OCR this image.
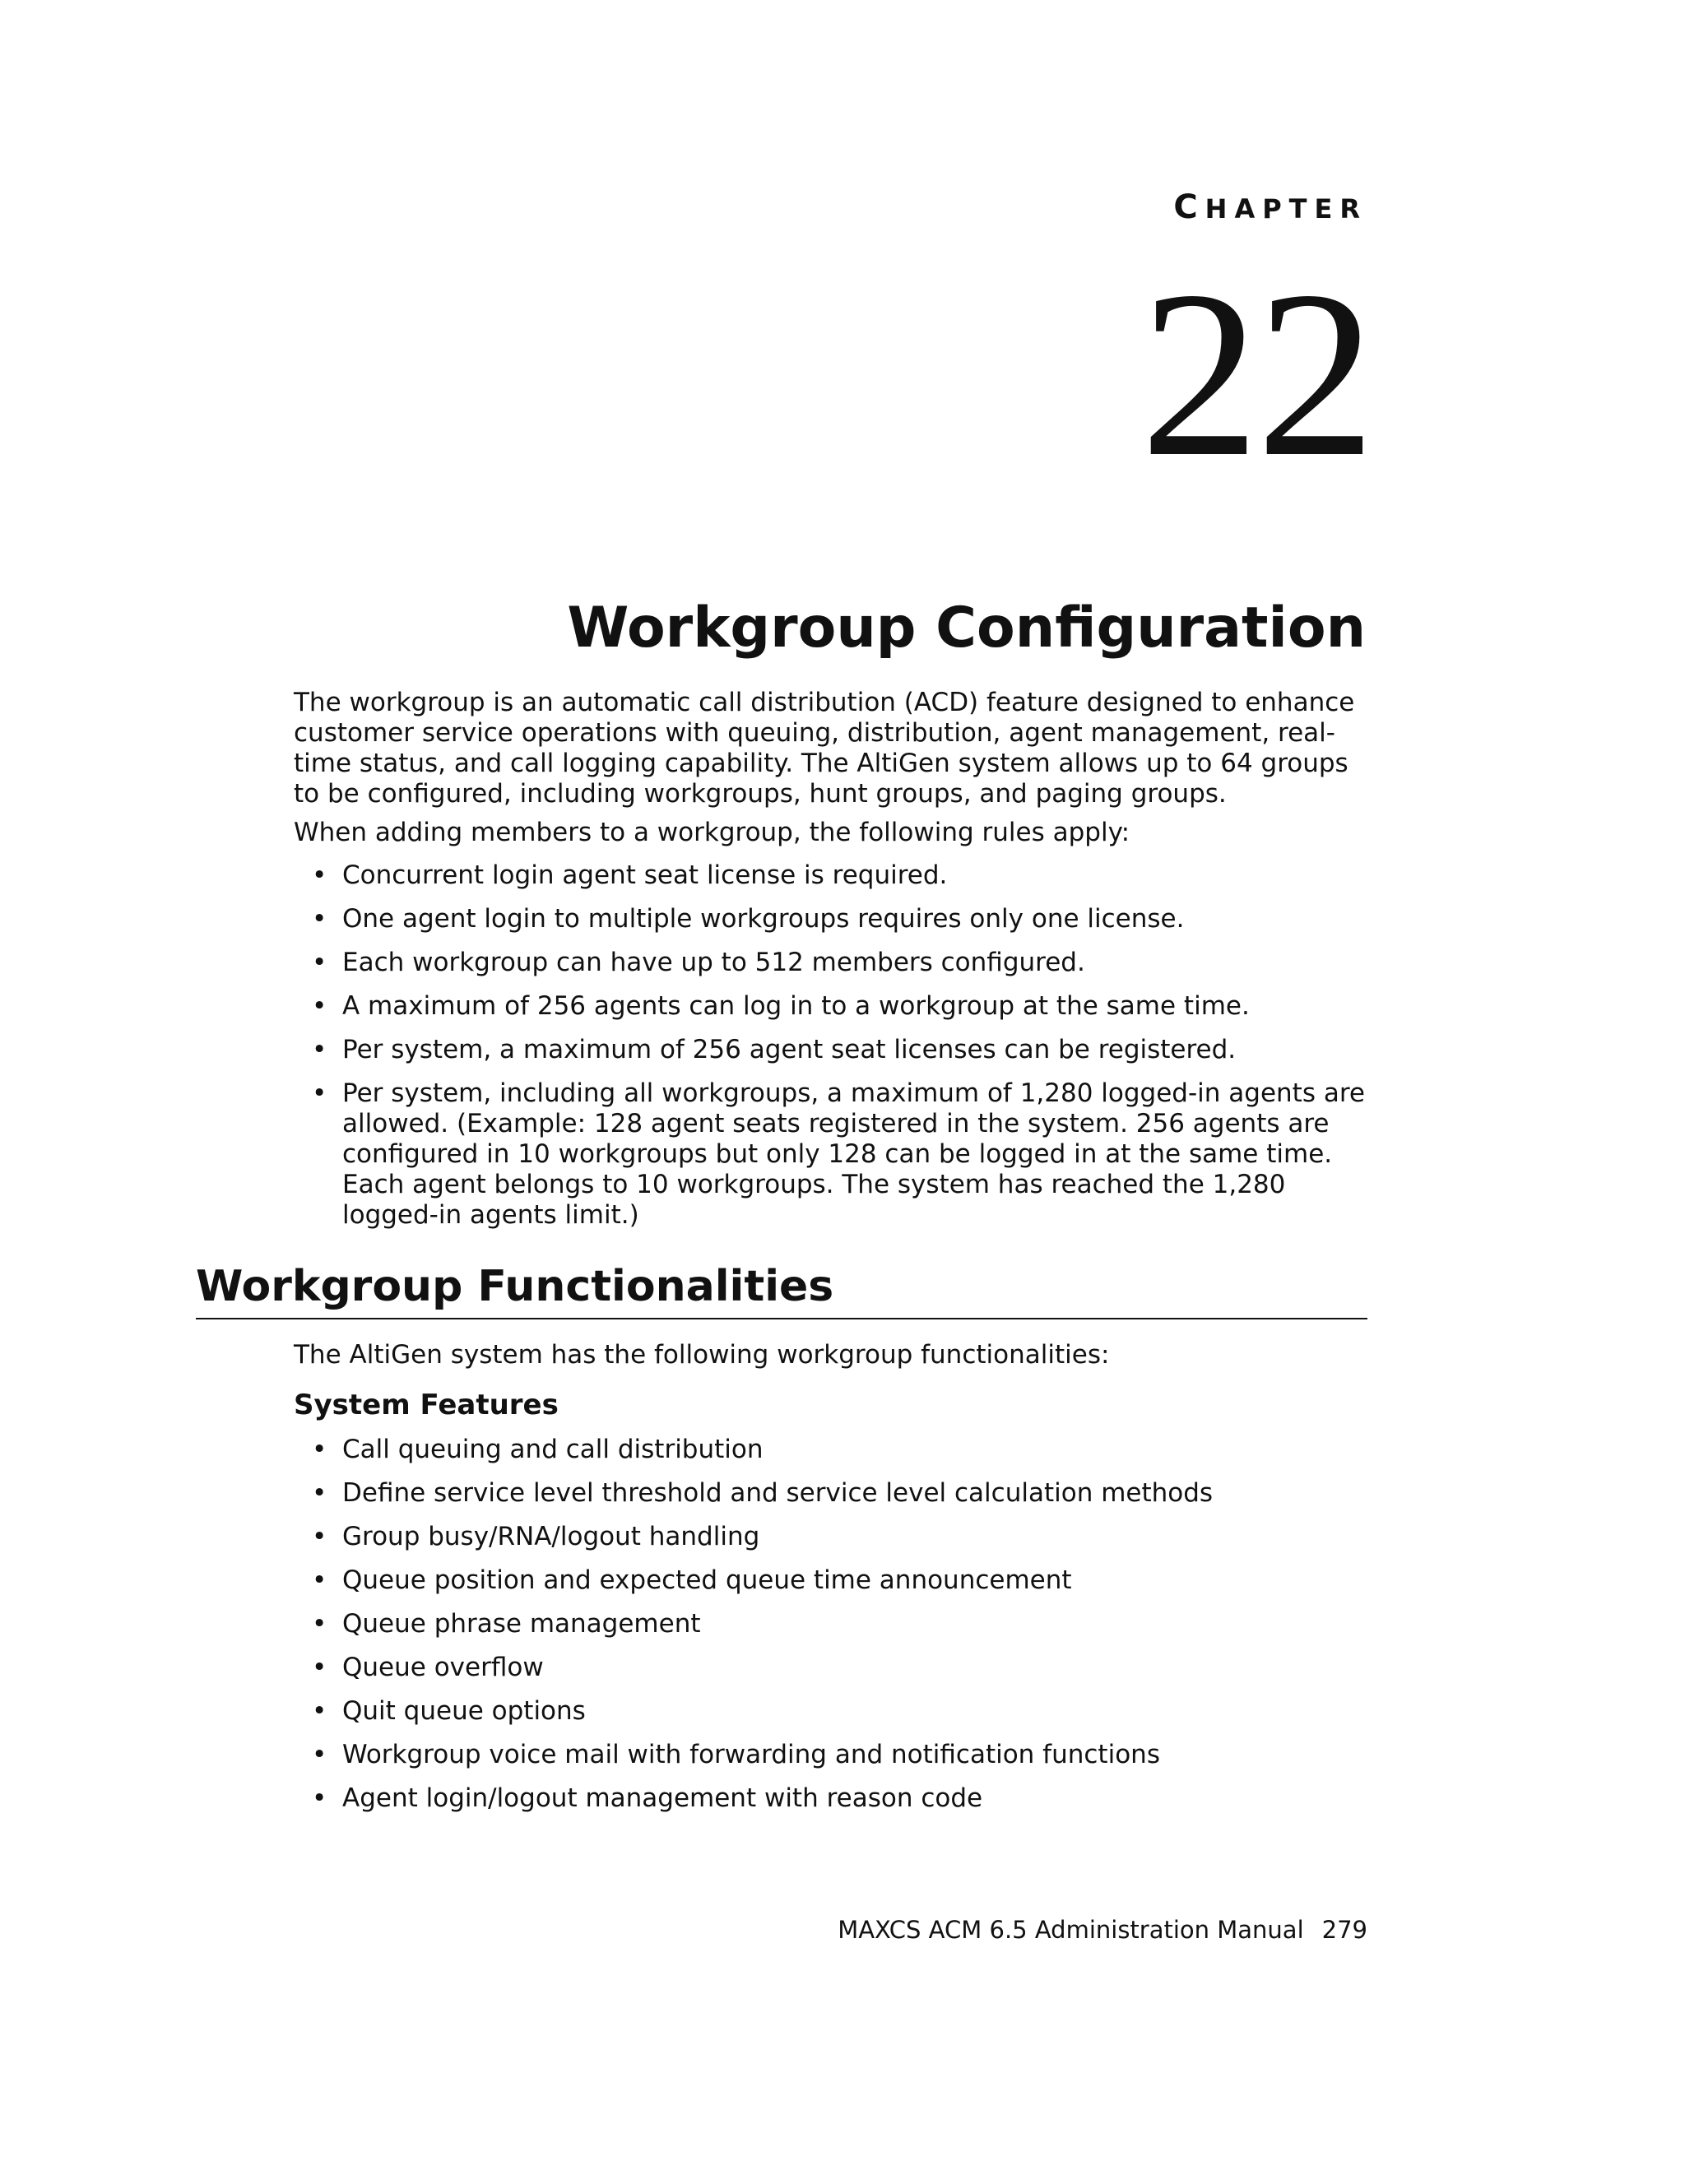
CHAPTER
22
Workgroup Configuration

The workgroup is an automatic call distribution (ACD) feature designed to enhance customer service operations with queuing, distribution, agent management, real-time status, and call logging capability. The AltiGen system allows up to 64 groups to be configured, including workgroups, hunt groups, and paging groups.

When adding members to a workgroup, the following rules apply:

• Concurrent login agent seat license is required.
• One agent login to multiple workgroups requires only one license.
• Each workgroup can have up to 512 members configured.
• A maximum of 256 agents can log in to a workgroup at the same time.
• Per system, a maximum of 256 agent seat licenses can be registered.
• Per system, including all workgroups, a maximum of 1,280 logged-in agents are allowed. (Example: 128 agent seats registered in the system. 256 agents are configured in 10 workgroups but only 128 can be logged in at the same time. Each agent belongs to 10 workgroups. The system has reached the 1,280 logged-in agents limit.)
Workgroup Functionalities

The AltiGen system has the following workgroup functionalities:

System Features
• Call queuing and call distribution
• Define service level threshold and service level calculation methods
• Group busy/RNA/logout handling
• Queue position and expected queue time announcement
• Queue phrase management
• Queue overflow
• Quit queue options
• Workgroup voice mail with forwarding and notification functions
• Agent login/logout management with reason code
MAXCS ACM 6.5 Administration Manual 279
